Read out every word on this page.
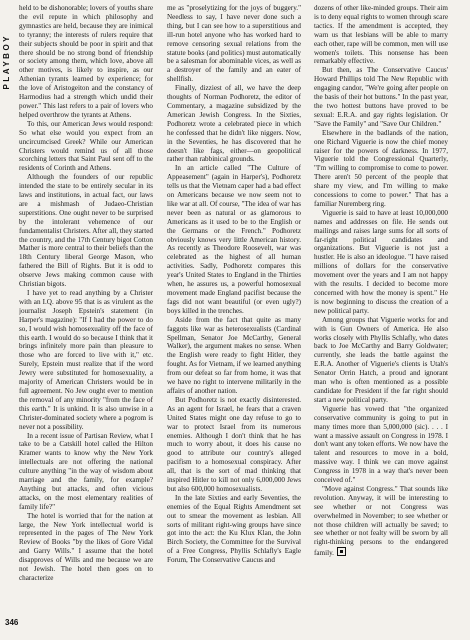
PLAYBOY

held to be dishonorable; lovers of youths share the evil repute in which philosophy and gymnastics are held, because they are inimical to tyranny; the interests of rulers require that their subjects should be poor in spirit and that there should be no strong bond of friendship or society among them, which love, above all other motives, is likely to inspire, as our Athenian tyrants learned by experience; for the love of Aristogeiton and the constancy of Harmodius had a strength which undid their power." This last refers to a pair of lovers who helped overthrow the tyrants at Athens.

To this, our American Jews would respond: So what else would you expect from an uncircumcised Greek? While our American Christers would remind us of all those scorching letters that Saint Paul sent off to the residents of Corinth and Athens.

Although the founders of our republic intended the state to be entirely secular in its laws and institutions, in actual fact, our laws are a mishmash of Judaeo-Christian superstitions. One ought never to be surprised by the intolerant vehemence of our fundamentalist Christers. After all, they started the country, and the 17th Century bigot Cotton Mather is more central to their beliefs than the 18th Century liberal George Mason, who fathered the Bill of Rights. But it is odd to observe Jews making common cause with Christian bigots.

I have yet to read anything by a Christer with an I.Q. above 95 that is as virulent as the journalist Joseph Epstein's statement (in Harper's magazine): "If I had the power to do so, I would wish homosexuality off the face of this earth. I would do so because I think that it brings infinitely more pain than pleasure to those who are forced to live with it," etc. Surely, Epstein must realize that if the word Jewry were substituted for homosexuality, a majority of American Christers would be in full agreement. No Jew ought ever to mention the removal of any minority "from the face of this earth." It is unkind. It is also unwise in a Christer-dominated society where a pogrom is never not a possibility.

In a recent issue of Partisan Review, what I take to be a Catskill hotel called the Hilton Kramer wants to know why the New York intellectuals are not offering the national culture anything "in the way of wisdom about marriage and the family, for example? Anything but attacks, and often vicious attacks, on the most elementary realities of family life?"

The hotel is worried that for the nation at large, the New York intellectual world is represented in the pages of The New York Review of Books "by the likes of Gore Vidal and Garry Wills." I assume that the hotel disapproves of Wills and me because we are not Jewish. The hotel then goes on to characterize

me as "proselytizing for the joys of buggery." Needless to say, I have never done such a thing, but I can see how to a superstitious and ill-run hotel anyone who has worked hard to remove censoring sexual relations from the statute books (and politics) must automatically be a salesman for abominable vices, as well as a destroyer of the family and an eater of shellfish.

Finally, dizziest of all, we have the deep thoughts of Norman Podhoretz, the editor of Commentary, a magazine subsidized by the American Jewish Congress. In the Sixties, Podhoretz wrote a celebrated piece in which he confessed that he didn't like niggers. Now, in the Seventies, he has discovered that he doesn't like fags, either—on geopolitical rather than rabbinical grounds.

In an article called "The Culture of Appeasement" (again in Harper's), Podhoretz tells us that the Vietnam caper had a bad effect on Americans because we now seem not to like war at all. Of course, "The idea of war has never been as natural or as glamorous to Americans as it used to be to the English or the Germans or the French." Podhoretz obviously knows very little American history. As recently as Theodore Roosevelt, war was celebrated as the highest of all human activities. Sadly, Podhoretz compares this year's United States to England in the Thirties when, he assures us, a powerful homosexual movement made England pacifist because the fags did not want beautiful (or even ugly?) boys killed in the trenches.

Aside from the fact that quite as many faggots like war as heterosexualists (Cardinal Spellman, Senator Joe McCarthy, General Walker), the argument makes no sense. When the English were ready to fight Hitler, they fought. As for Vietnam, if we learned anything from our defeat so far from home, it was that we have no right to intervene militarily in the affairs of another nation.

But Podhoretz is not exactly disinterested. As an agent for Israel, he fears that a craven United States might one day refuse to go to war to protect Israel from its numerous enemies. Although I don't think that he has much to worry about, it does his cause no good to attribute our country's alleged pacifism to a homosexual conspiracy. After all, that is the sort of mad thinking that inspired Hitler to kill not only 6,000,000 Jews but also 600,000 homosexualists.

In the late Sixties and early Seventies, the enemies of the Equal Rights Amendment set out to smear the movement as lesbian. All sorts of militant right-wing groups have since got into the act: the Ku Klux Klan, the John Birch Society, the Committee for the Survival of a Free Congress, Phyllis Schlafly's Eagle Forum, The Conservative Caucus and

dozens of other like-minded groups. Their aim is to deny equal rights to women through scare tactics. If the amendment is accepted, they warn us that lesbians will be able to marry each other, rape will be common, men will use women's toilets. This nonsense has been remarkably effective.

But then, as The Conservative Caucus' Howard Phillips told The New Republic with engaging candor, "We're going after people on the basis of their hot buttons." In the past year, the two hottest buttons have proved to be sexual: E.R.A. and gay rights legislation. Or "Save the Family" and "Save Our Children."

Elsewhere in the badlands of the nation, one Richard Viguerie is now the chief money raiser for the powers of darkness. In 1977, Viguerie told the Congressional Quarterly, "I'm willing to compromise to come to power. There aren't 50 percent of the people that share my view, and I'm willing to make concessions to come to power." That has a familiar Nuremberg ring.

Viguerie is said to have at least 10,000,000 names and addresses on file. He sends out mailings and raises large sums for all sorts of far-right political candidates and organizations. But Viguerie is not just a hustler. He is also an ideologue. "I have raised millions of dollars for the conservative movement over the years and I am not happy with the results. I decided to become more concerned with how the money is spent." He is now beginning to discuss the creation of a new political party.

Among groups that Viguerie works for and with is Gun Owners of America. He also works closely with Phyllis Schlafly, who dates back to Joe McCarthy and Barry Goldwater; currently, she leads the battle against the E.R.A. Another of Viguerie's clients is Utah's Senator Orrin Hatch, a proud and ignorant man who is often mentioned as a possible candidate for President if the far right should start a new political party.

Viguerie has vowed that "the organized conservative community is going to put in many times more than 5,000,000 (sic). . . . I want a massive assault on Congress in 1978. I don't want any token efforts. We now have the talent and resources to move in a bold, massive way. I think we can move against Congress in 1978 in a way that's never been conceived of."

"Move against Congress." That sounds like revolution. Anyway, it will be interesting to see whether or not Congress was overwhelmed in November; to see whether or not those children will actually be saved; to see whether or not fealty will be sworn by all right-thinking persons to the endangered family.

346
